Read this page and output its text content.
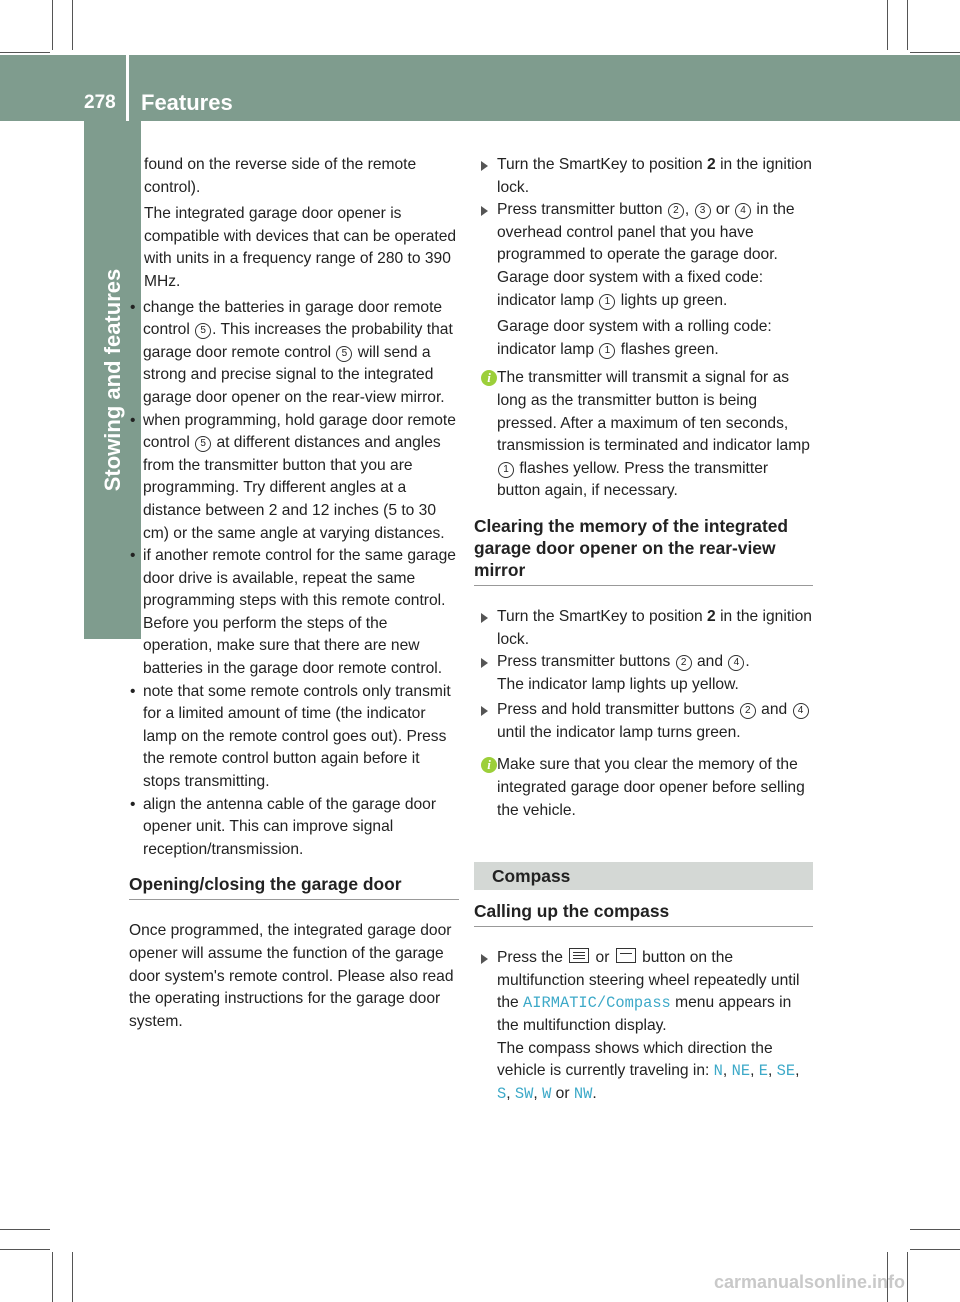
278 Features
Stowing and features

found on the reverse side of the remote control).

The integrated garage door opener is compatible with devices that can be operated with units in a frequency range of 280 to 390 MHz.

• change the batteries in garage door remote control 5 . This increases the probability that garage door remote control 5 will send a strong and precise signal to the integrated garage door opener on the rear-view mirror.

• when programming, hold garage door remote control 5 at different distances and angles from the transmitter button that you are programming. Try different angles at a distance between 2 and 12 inches (5 to 30 cm) or the same angle at varying distances.

• if another remote control for the same garage door drive is available, repeat the same programming steps with this remote control. Before you perform the steps of the operation, make sure that there are new batteries in the garage door remote control.

• note that some remote controls only transmit for a limited amount of time (the indicator lamp on the remote control goes out). Press the remote control button again before it stops transmitting.

• align the antenna cable of the garage door opener unit. This can improve signal reception/transmission.

Opening/closing the garage door

Once programmed, the integrated garage door opener will assume the function of the garage door system's remote control. Please also read the operating instructions for the garage door system.

Turn the SmartKey to position 2 in the ignition lock.

Press transmitter button 2 , 3 or 4 in the overhead control panel that you have programmed to operate the garage door.

Garage door system with a fixed code: indicator lamp 1 lights up green.

Garage door system with a rolling code: indicator lamp 1 flashes green.

i The transmitter will transmit a signal for as long as the transmitter button is being pressed. After a maximum of ten seconds, transmission is terminated and indicator lamp 1 flashes yellow. Press the transmitter button again, if necessary.

Clearing the memory of the integrated garage door opener on the rear-view mirror

Turn the SmartKey to position 2 in the ignition lock.

Press transmitter buttons 2 and 4 .

The indicator lamp lights up yellow.

Press and hold transmitter buttons 2 and 4 until the indicator lamp turns green.

i Make sure that you clear the memory of the integrated garage door opener before selling the vehicle.

Compass
Calling up the compass

Press the  or  button on the multifunction steering wheel repeatedly until the AIRMATIC/Compass menu appears in the multifunction display.

The compass shows which direction the vehicle is currently traveling in: N, NE, E, SE, S, SW, W or NW.

carmanualsonline.info
